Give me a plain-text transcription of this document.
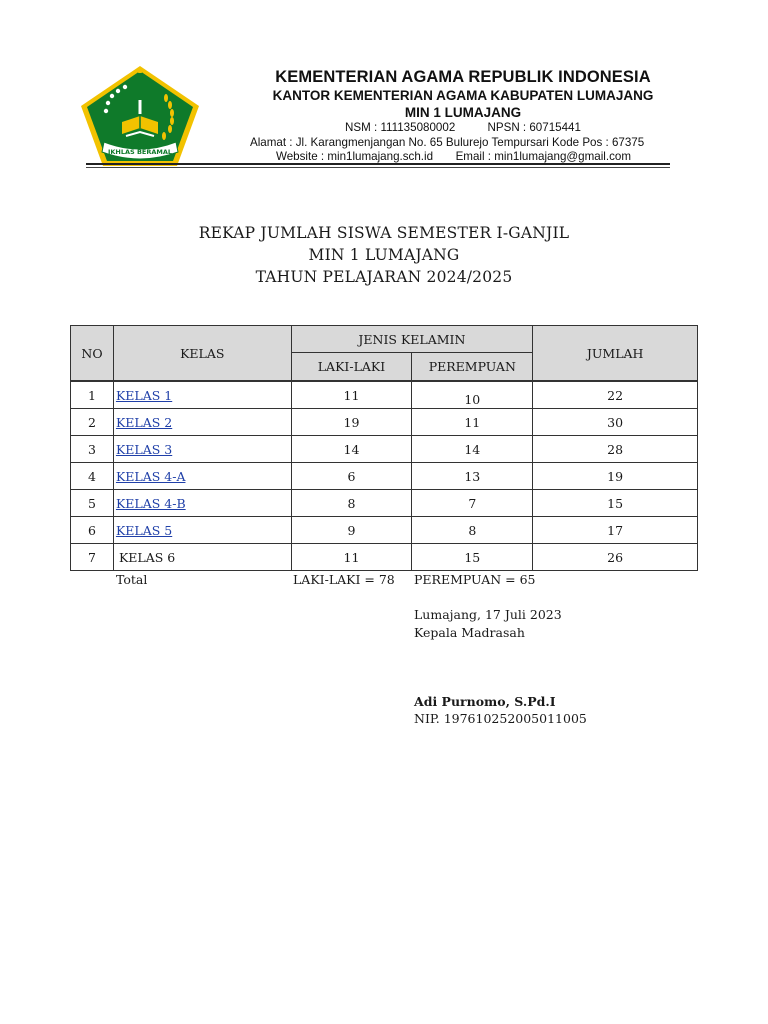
IKHLAS BERAMAL
KEMENTERIAN AGAMA REPUBLIK INDONESIA
KANTOR KEMENTERIAN AGAMA KABUPATEN LUMAJANG
MIN 1 LUMAJANG
NSM : 111135080002          NPSN : 60715441
Alamat : Jl. Karangmenjangan No. 65 Bulurejo Tempursari Kode Pos : 67375
Website : min1lumajang.sch.id       Email : min1lumajang@gmail.com
REKAP JUMLAH SISWA SEMESTER I-GANJIL
MIN 1 LUMAJANG
TAHUN PELAJARAN 2024/2025
NO	KELAS	JENIS KELAMIN		JUMLAH
		LAKI-LAKI	PEREMPUAN	
1	KELAS 1	11	10	22
2	KELAS 2	19	11	30
3	KELAS 3	14	14	28
4	KELAS 4-A	6	13	19
5	KELAS 4-B	8	7	15
6	KELAS 5	9	8	17
7	KELAS 6	11	15	26
Total	LAKI-LAKI = 78 PEREMPUAN = 65
Lumajang, 17 Juli 2023
Kepala Madrasah
Adi Purnomo, S.Pd.I
NIP. 197610252005011005
